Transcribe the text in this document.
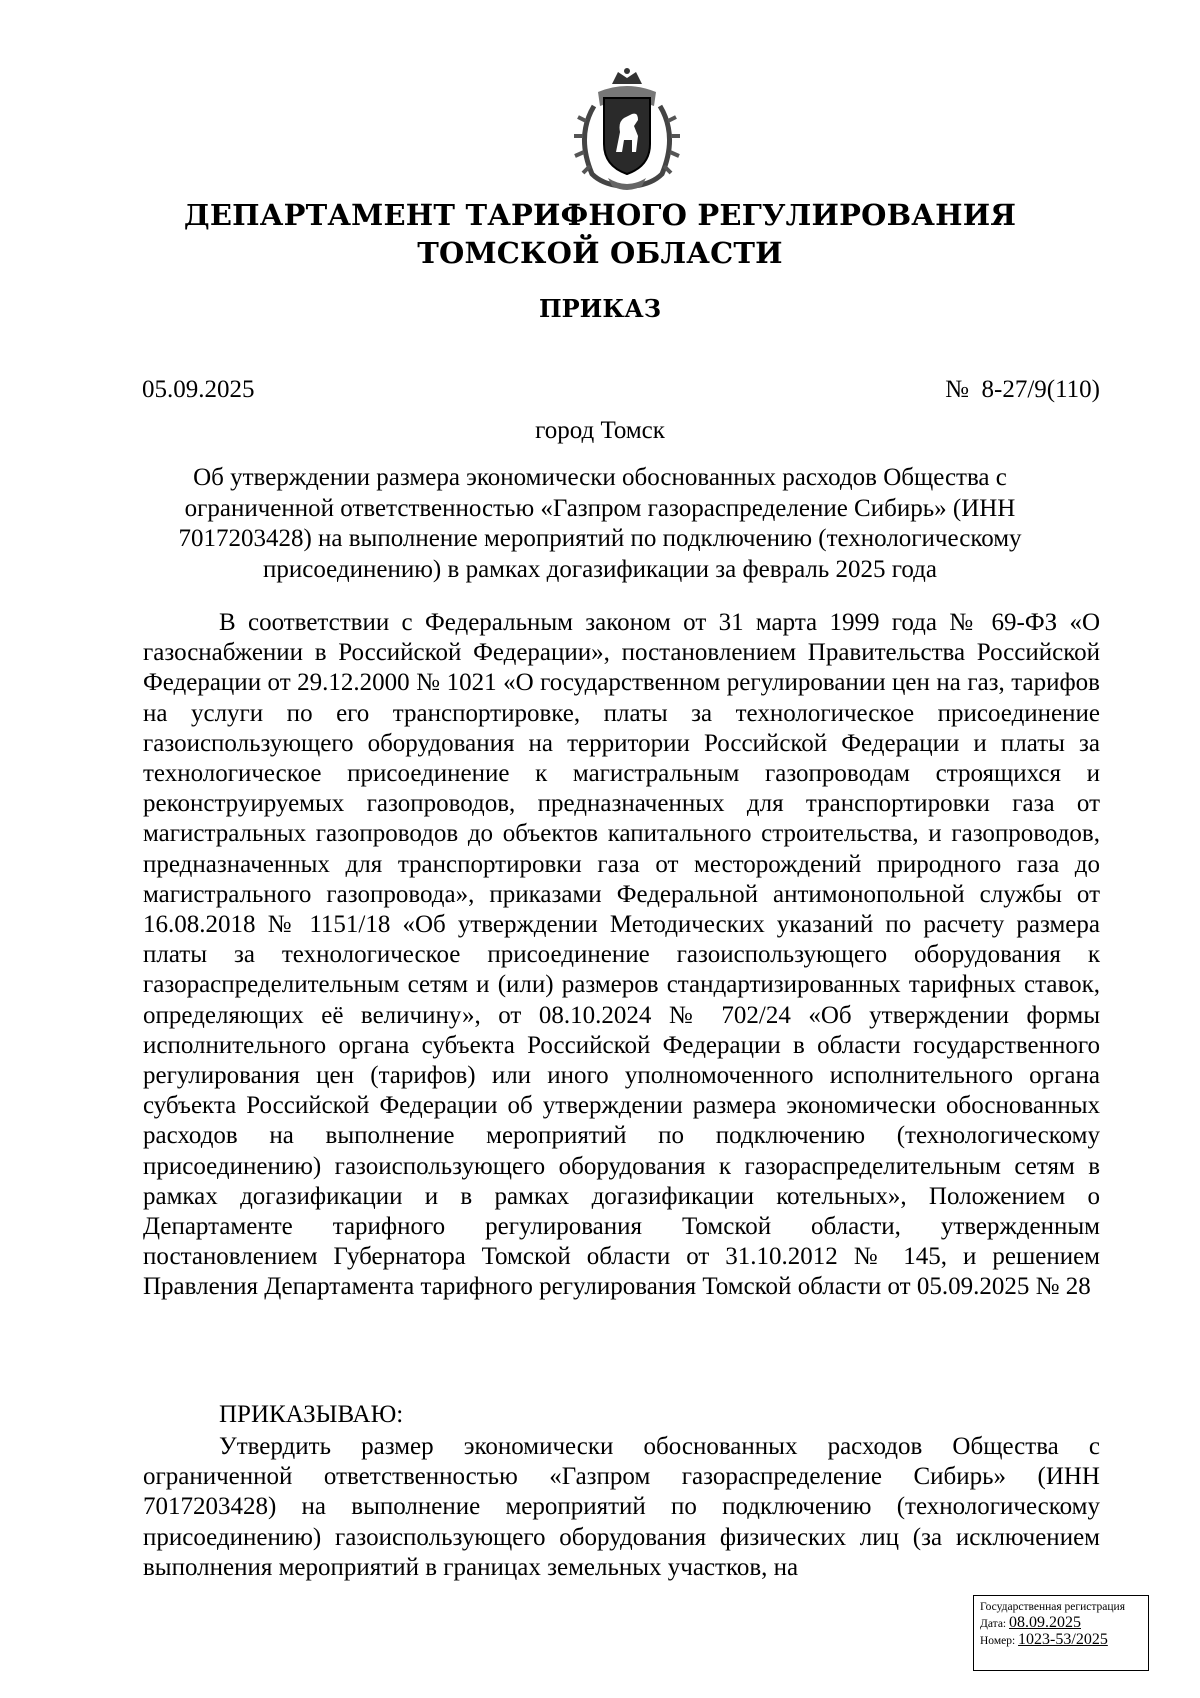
ДЕПАРТАМЕНТ ТАРИФНОГО РЕГУЛИРОВАНИЯ
ТОМСКОЙ ОБЛАСТИ
ПРИКАЗ
05.09.2025	№  8-27/9(110)
город Томск
Об утверждении размера экономически обоснованных расходов Общества с ограниченной ответственностью «Газпром газораспределение Сибирь» (ИНН 7017203428) на выполнение мероприятий по подключению (технологическому присоединению) в рамках догазификации за февраль 2025 года

В соответствии с Федеральным законом от 31 марта 1999 года № 69-ФЗ «О газоснабжении в Российской Федерации», постановлением Правительства Российской Федерации от 29.12.2000 № 1021 «О государственном регулировании цен на газ, тарифов на услуги по его транспортировке, платы за технологическое присоединение газоиспользующего оборудования на территории Российской Федерации и платы за технологическое присоединение к магистральным газопроводам строящихся и реконструируемых газопроводов, предназначенных для транспортировки газа от магистральных газопроводов до объектов капитального строительства, и газопроводов, предназначенных для транспортировки газа от месторождений природного газа до магистрального газопровода», приказами Федеральной антимонопольной службы от 16.08.2018 № 1151/18 «Об утверждении Методических указаний по расчету размера платы за технологическое присоединение газоиспользующего оборудования к газораспределительным сетям и (или) размеров стандартизированных тарифных ставок, определяющих её величину», от 08.10.2024 № 702/24 «Об утверждении формы исполнительного органа субъекта Российской Федерации в области государственного регулирования цен (тарифов) или иного уполномоченного исполнительного органа субъекта Российской Федерации об утверждении размера экономически обоснованных расходов на выполнение мероприятий по подключению (технологическому присоединению) газоиспользующего оборудования к газораспределительным сетям в рамках догазификации и в рамках догазификации котельных», Положением о Департаменте тарифного регулирования Томской области, утвержденным постановлением Губернатора Томской области от 31.10.2012 № 145, и решением Правления Департамента тарифного регулирования Томской области от 05.09.2025 № 28

ПРИКАЗЫВАЮ:

Утвердить размер экономически обоснованных расходов Общества с ограниченной ответственностью «Газпром газораспределение Сибирь» (ИНН 7017203428) на выполнение мероприятий по подключению (технологическому присоединению) газоиспользующего оборудования физических лиц (за исключением выполнения мероприятий в границах земельных участков, на

Государственная регистрация
Дата: 08.09.2025
Номер: 1023-53/2025
